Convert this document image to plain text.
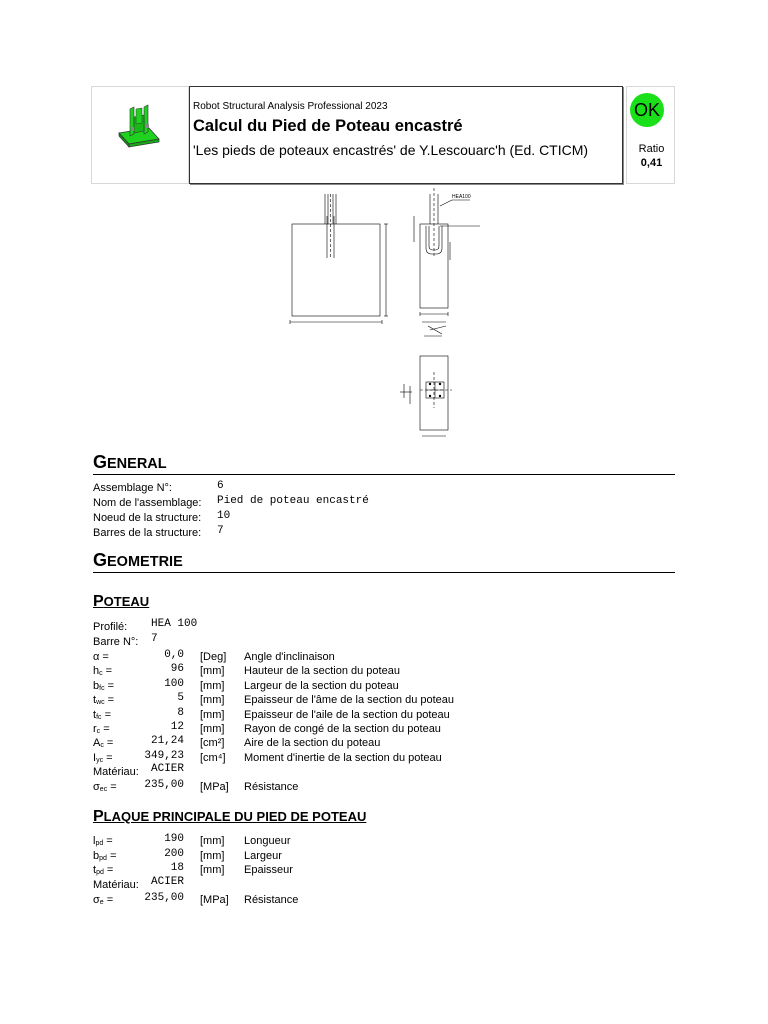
Robot Structural Analysis Professional 2023
Calcul du Pied de Poteau encastré
'Les pieds de poteaux encastrés' de Y.Lescouarc'h (Ed. CTICM)
OK
Ratio
0,41
HEA100
GENERAL
Assemblage N°:	6
Nom de l'assemblage: Pied de poteau encastré
Noeud de la structure: 10
Barres de la structure: 7
GEOMETRIE
POTEAU
Profilé: HEA 100
Barre N°: 7
α =	0,0 [Deg] Angle d'inclinaison
$h_c$ =	96 [mm] Hauteur de la section du poteau
$b_{fc}$ =	100 [mm] Largeur de la section du poteau
$t_{wc}$ =	5 [mm] Epaisseur de l'âme de la section du poteau
$t_{fc}$ =	8 [mm] Epaisseur de l'aile de la section du poteau
$r_c$ =	12 [mm] Rayon de congé de la section du poteau
$A_c$ =	21,24 [cm²] Aire de la section du poteau
$I_{yc}$ =	349,23 [cm⁴] Moment d'inertie de la section du poteau
Matériau: ACIER
$\sigma_{ec}$ =	235,00 [MPa] Résistance
PLAQUE PRINCIPALE DU PIED DE POTEAU
$l_{pd}$ =	190 [mm] Longueur
$b_{pd}$ =	200 [mm] Largeur
$t_{pd}$ =	18 [mm] Epaisseur
Matériau: ACIER
$\sigma_e$ =	235,00 [MPa] Résistance
